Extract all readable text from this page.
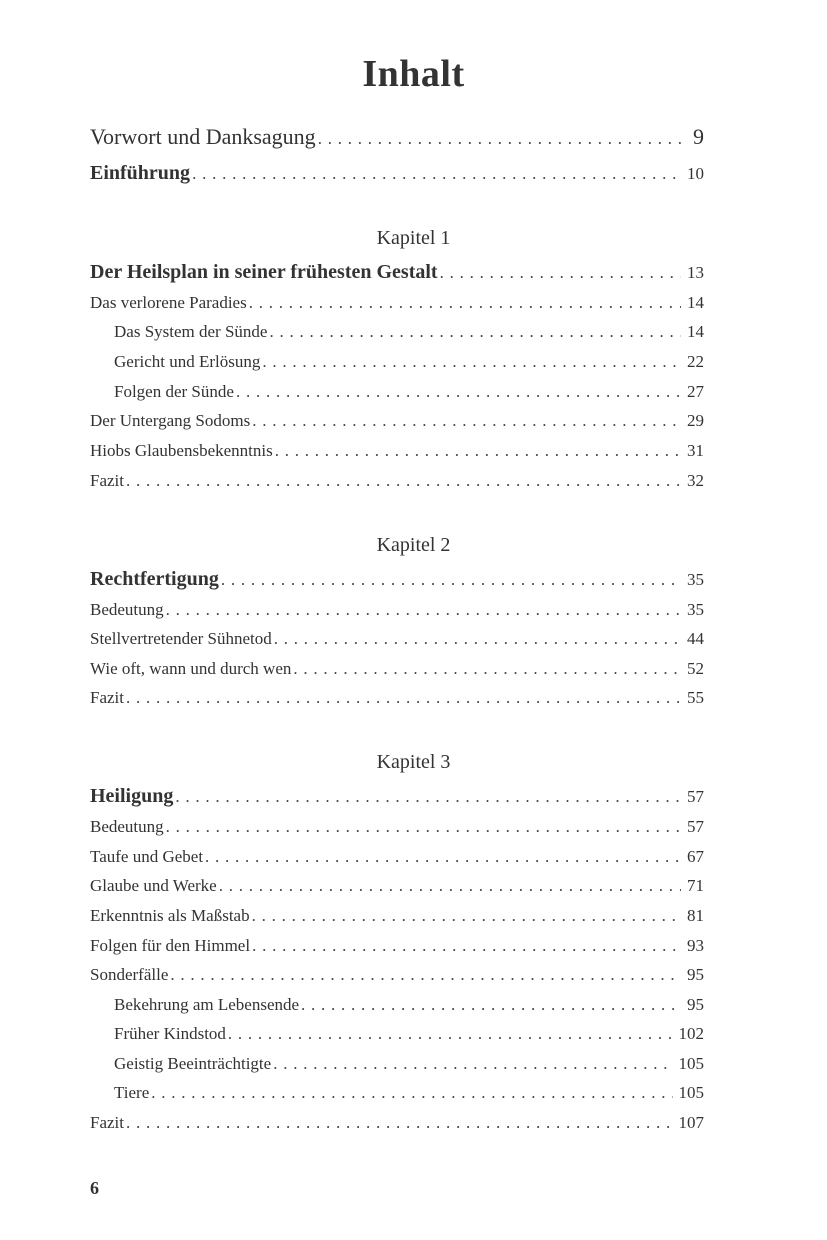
Inhalt
Vorwort und Danksagung . . .	9
Einführung . . .	10
Kapitel 1
Der Heilsplan in seiner frühesten Gestalt . . .	13
Das verlorene Paradies . . .	14
Das System der Sünde . . .	14
Gericht und Erlösung . . .	22
Folgen der Sünde . . .	27
Der Untergang Sodoms . . .	29
Hiobs Glaubensbekenntnis . . .	31
Fazit . . .	32
Kapitel 2
Rechtfertigung . . .	35
Bedeutung . . .	35
Stellvertretender Sühnetod . . .	44
Wie oft, wann und durch wen . . .	52
Fazit . . .	55
Kapitel 3
Heiligung . . .	57
Bedeutung . . .	57
Taufe und Gebet . . .	67
Glaube und Werke . . .	71
Erkenntnis als Maßstab . . .	81
Folgen für den Himmel . . .	93
Sonderfälle . . .	95
Bekehrung am Lebensende . . .	95
Früher Kindstod . . .	102
Geistig Beeinträchtigte . . .	105
Tiere . . .	105
Fazit . . .	107
6
